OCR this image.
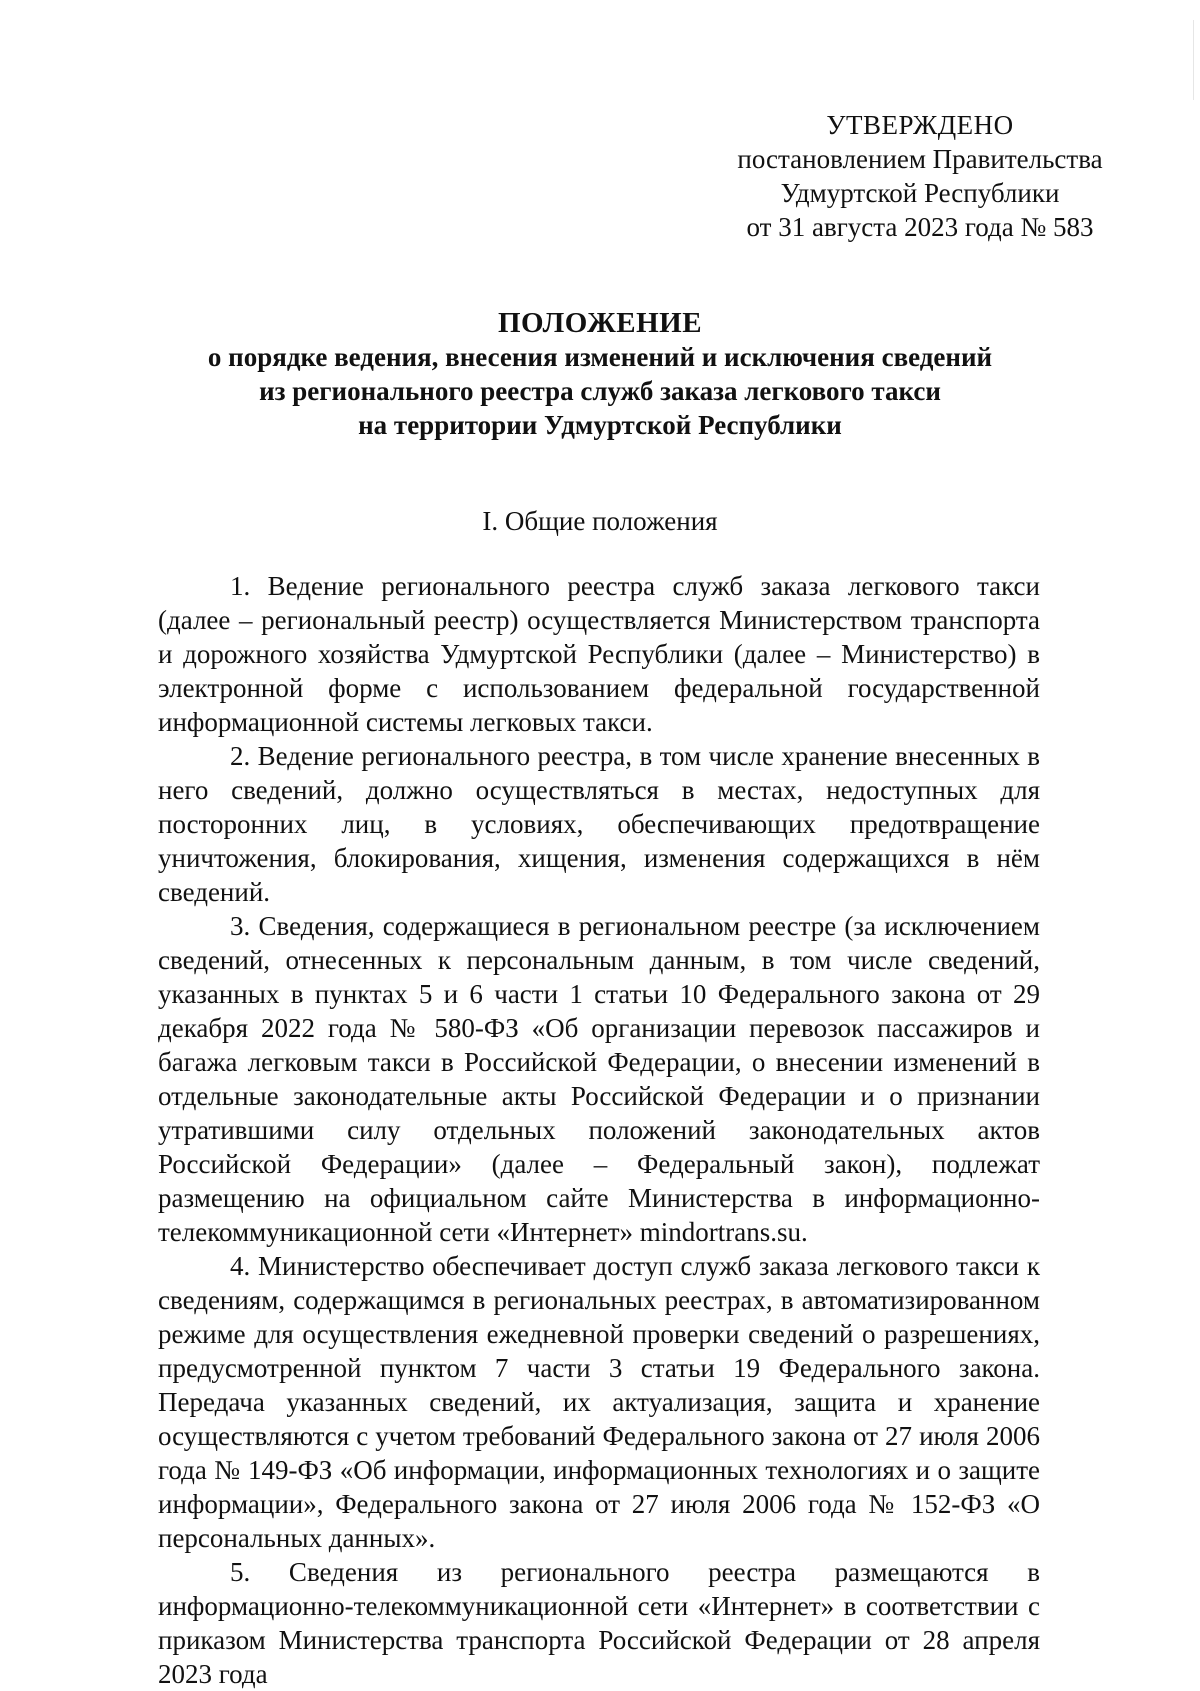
УТВЕРЖДЕНО
постановлением Правительства
Удмуртской Республики
от 31 августа 2023 года № 583
ПОЛОЖЕНИЕ
о порядке ведения, внесения изменений и исключения сведений
из регионального реестра служб заказа легкового такси
на территории Удмуртской Республики
I. Общие положения

1. Ведение регионального реестра служб заказа легкового такси (далее – региональный реестр) осуществляется Министерством транспорта и дорожного хозяйства Удмуртской Республики (далее – Министерство) в электронной форме с использованием федеральной государственной информационной системы легковых такси.

2. Ведение регионального реестра, в том числе хранение внесенных в него сведений, должно осуществляться в местах, недоступных для посторонних лиц, в условиях, обеспечивающих предотвращение уничтожения, блокирования, хищения, изменения содержащихся в нём сведений.

3. Сведения, содержащиеся в региональном реестре (за исключением сведений, отнесенных к персональным данным, в том числе сведений, указанных в пунктах 5 и 6 части 1 статьи 10 Федерального закона от 29 декабря 2022 года № 580-ФЗ «Об организации перевозок пассажиров и багажа легковым такси в Российской Федерации, о внесении изменений в отдельные законодательные акты Российской Федерации и о признании утратившими силу отдельных положений законодательных актов Российской Федерации» (далее – Федеральный закон), подлежат размещению на официальном сайте Министерства в информационно-телекоммуникационной сети «Интернет» mindortrans.su.

4. Министерство обеспечивает доступ служб заказа легкового такси к сведениям, содержащимся в региональных реестрах, в автоматизированном режиме для осуществления ежедневной проверки сведений о разрешениях, предусмотренной пунктом 7 части 3 статьи 19 Федерального закона. Передача указанных сведений, их актуализация, защита и хранение осуществляются с учетом требований Федерального закона от 27 июля 2006 года № 149-ФЗ «Об информации, информационных технологиях и о защите информации», Федерального закона от 27 июля 2006 года № 152-ФЗ «О персональных данных».

5. Сведения из регионального реестра размещаются в информационно-телекоммуникационной сети «Интернет» в соответствии с приказом Министерства транспорта Российской Федерации от 28 апреля 2023 года
